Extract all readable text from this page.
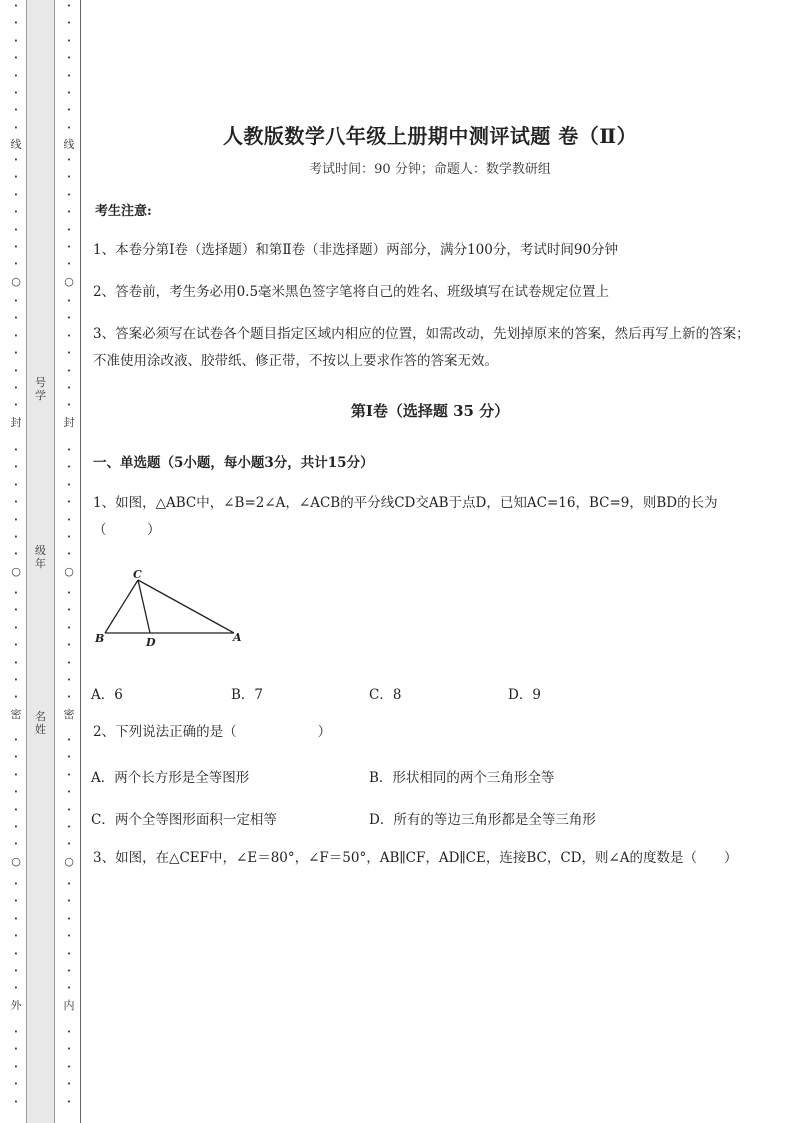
•
•
•
•
•
•
•
•
线
•
•
•
•
•
•
•
○
•
•
•
•
•
•
•
封
•
•
•
•
•
•
•
○
•
•
•
•
•
•
•
密
•
•
•
•
•
•
•
○
•
•
•
•
•
•
•
外
•
•
•
•
•
号
学
级
年
名
姓
•
•
•
•
•
•
•
•
线
•
•
•
•
•
•
•
○
•
•
•
•
•
•
•
封
•
•
•
•
•
•
•
○
•
•
•
•
•
•
•
密
•
•
•
•
•
•
•
○
•
•
•
•
•
•
•
内
•
•
•
•
•
人教版数学八年级上册期中测评试题 卷（Ⅱ）
考试时间：90 分钟；命题人：数学教研组
考生注意:
1、本卷分第I卷（选择题）和第Ⅱ卷（非选择题）两部分，满分100分，考试时间90分钟
2、答卷前，考生务必用0.5毫米黑色签字笔将自己的姓名、班级填写在试卷规定位置上
3、答案必须写在试卷各个题目指定区域内相应的位置，如需改动，先划掉原来的答案，然后再写上新的答案；不准使用涂改液、胶带纸、修正带，不按以上要求作答的答案无效。
第I卷（选择题 35 分）
一、单选题（5小题，每小题3分，共计15分）
1、如图，△ABC中，∠B=2∠A，∠ACB的平分线CD交AB于点D，已知AC=16，BC=9，则BD的长为（　　　）
C
B	D	A
A．6	B．7	C．8	D．9
2、下列说法正确的是（　　　　　　）
A．两个长方形是全等图形	B．形状相同的两个三角形全等
C．两个全等图形面积一定相等	D．所有的等边三角形都是全等三角形
3、如图，在△CEF中，∠E＝80°，∠F＝50°，AB∥CF，AD∥CE，连接BC，CD，则∠A的度数是（　　）
